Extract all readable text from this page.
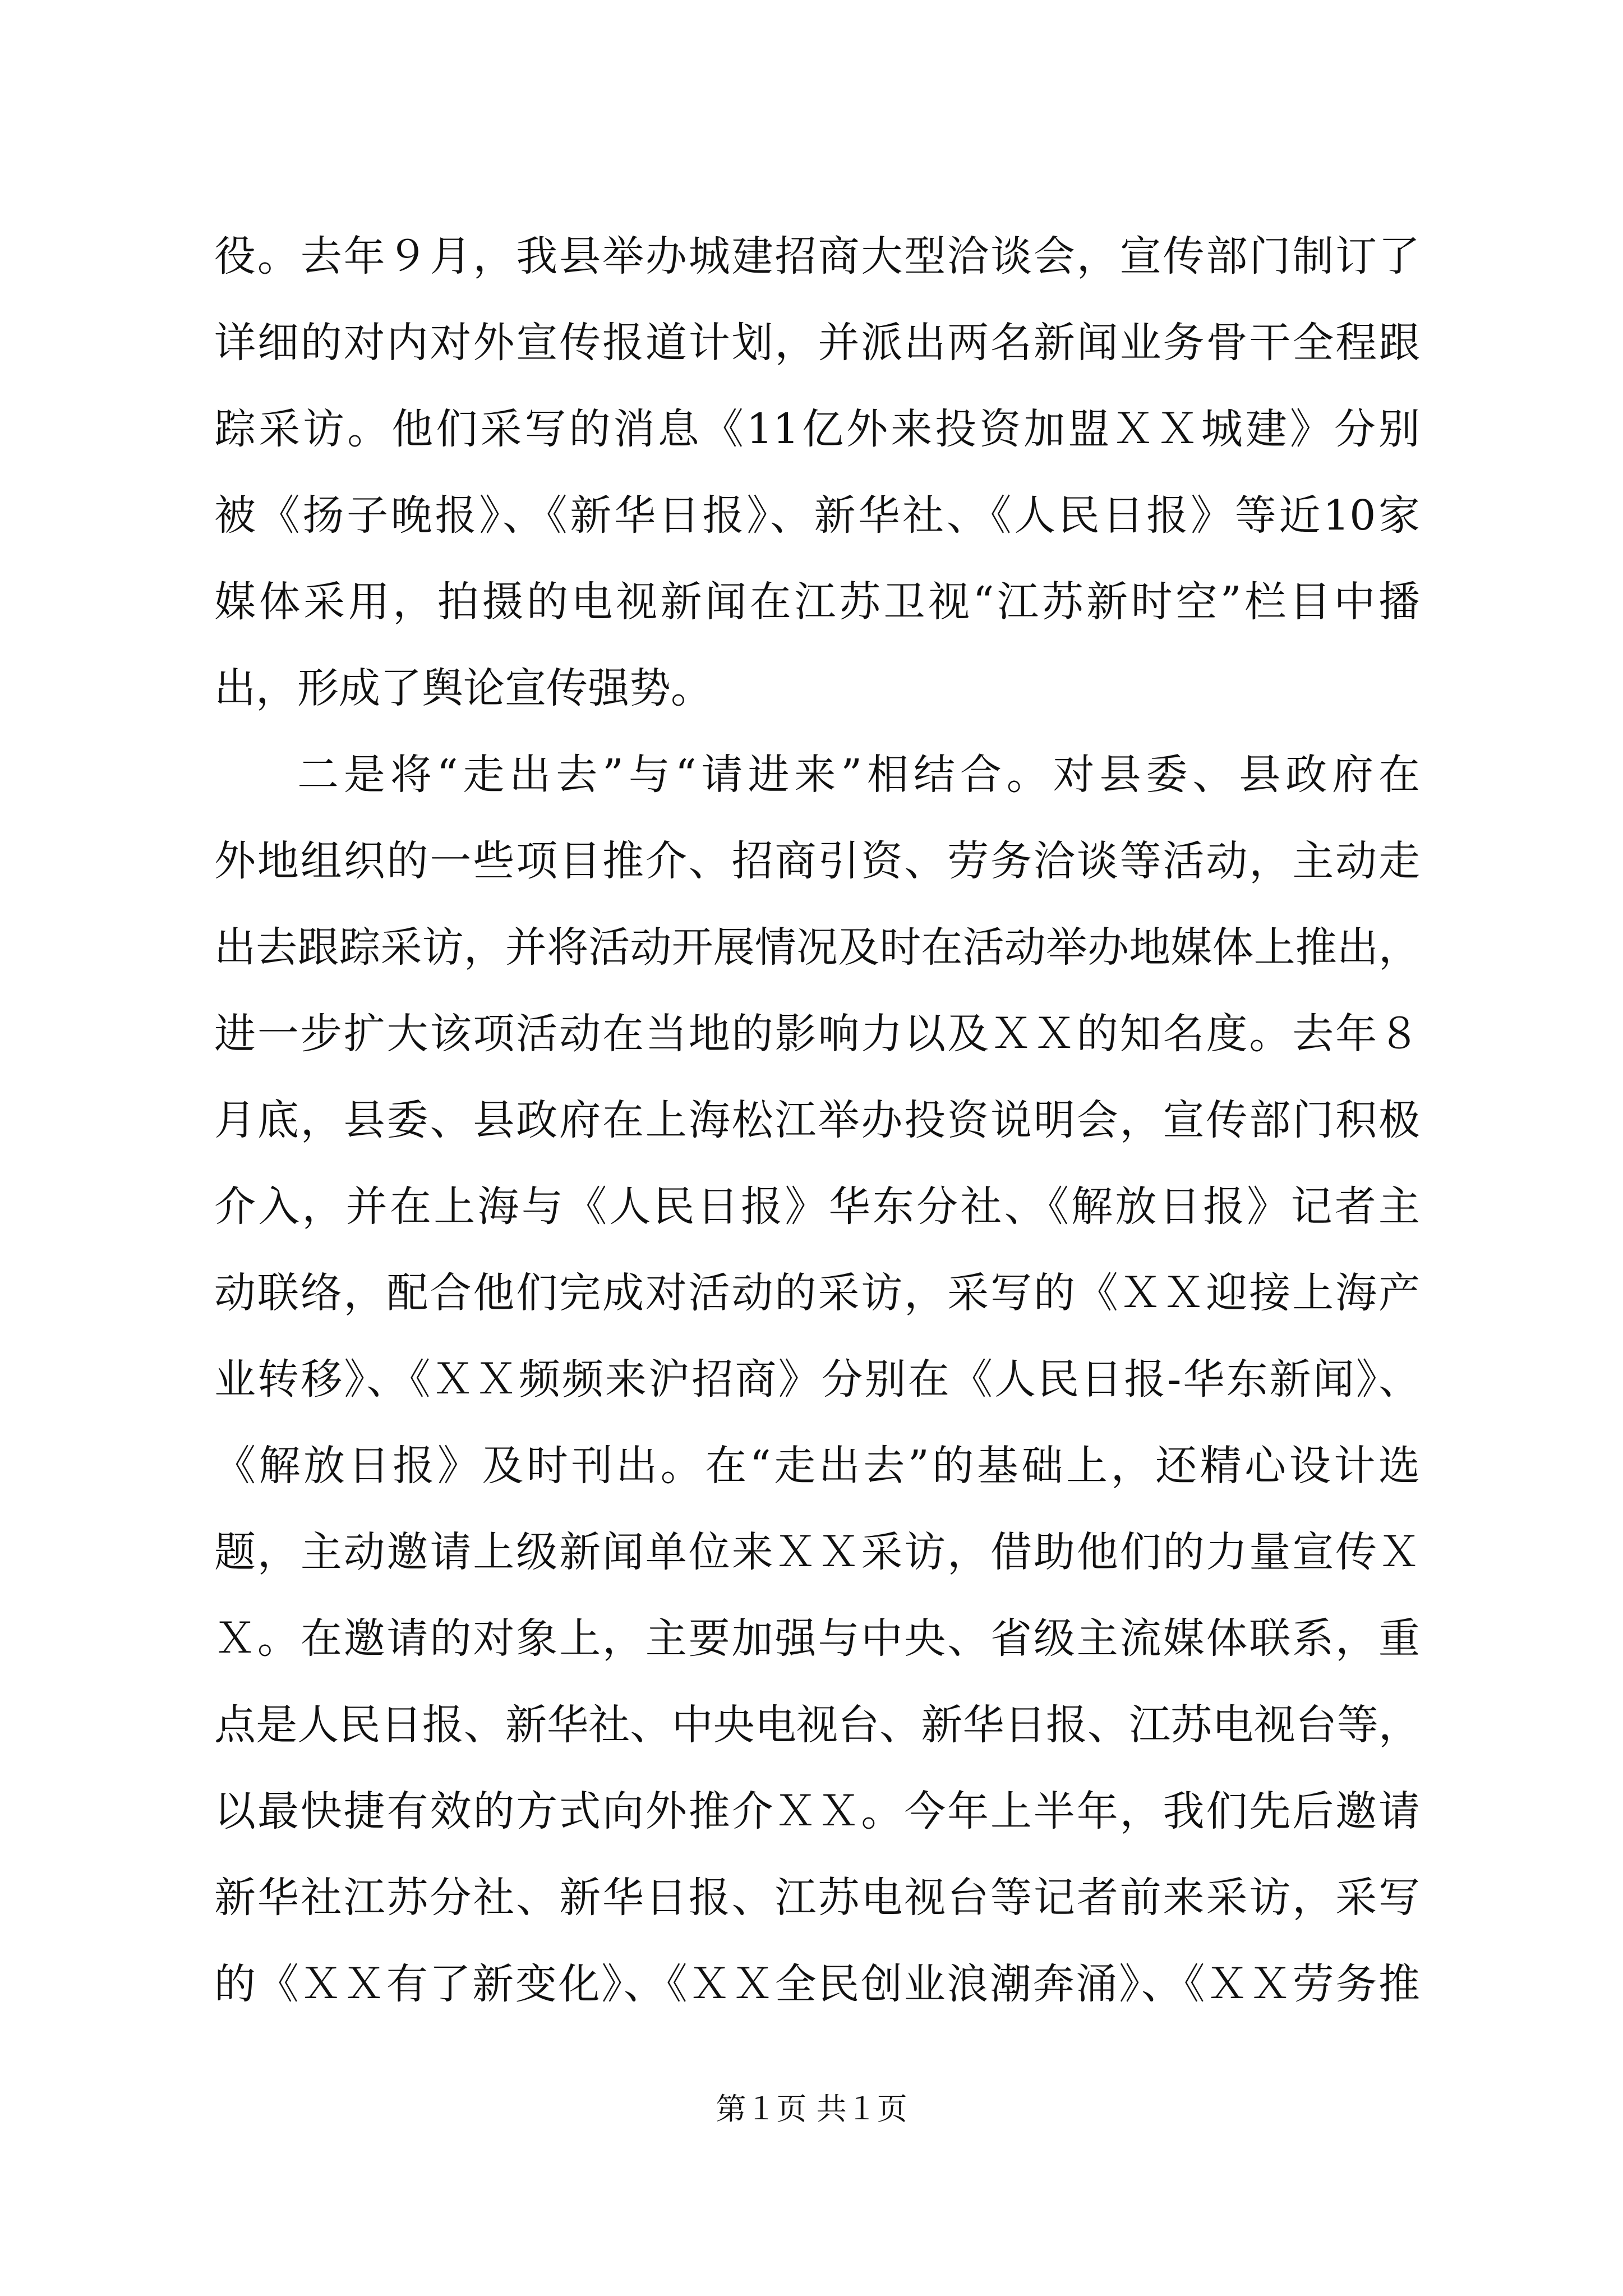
役。去年９月，我县举办城建招商大型洽谈会，宣传部门制订了
详细的对内对外宣传报道计划，并派出两名新闻业务骨干全程跟
踪采访。他们采写的消息《11亿外来投资加盟ＸＸ城建》分别
被《扬子晚报》、《新华日报》、新华社、《人民日报》等近10家
媒体采用，拍摄的电视新闻在江苏卫视“江苏新时空”栏目中播
出，形成了舆论宣传强势。
二是将“走出去”与“请进来”相结合。对县委、县政府在
外地组织的一些项目推介、招商引资、劳务洽谈等活动，主动走
出去跟踪采访，并将活动开展情况及时在活动举办地媒体上推出，
进一步扩大该项活动在当地的影响力以及ＸＸ的知名度。去年８
月底，县委、县政府在上海松江举办投资说明会，宣传部门积极
介入，并在上海与《人民日报》华东分社、《解放日报》记者主
动联络，配合他们完成对活动的采访，采写的《ＸＸ迎接上海产
业转移》、《ＸＸ频频来沪招商》分别在《人民日报-华东新闻》、
《解放日报》及时刊出。在“走出去”的基础上，还精心设计选
题，主动邀请上级新闻单位来ＸＸ采访，借助他们的力量宣传Ｘ
Ｘ。在邀请的对象上，主要加强与中央、省级主流媒体联系，重
点是人民日报、新华社、中央电视台、新华日报、江苏电视台等，
以最快捷有效的方式向外推介ＸＸ。今年上半年，我们先后邀请
新华社江苏分社、新华日报、江苏电视台等记者前来采访，采写
的《ＸＸ有了新变化》、《ＸＸ全民创业浪潮奔涌》、《ＸＸ劳务推
第１页 共１页
